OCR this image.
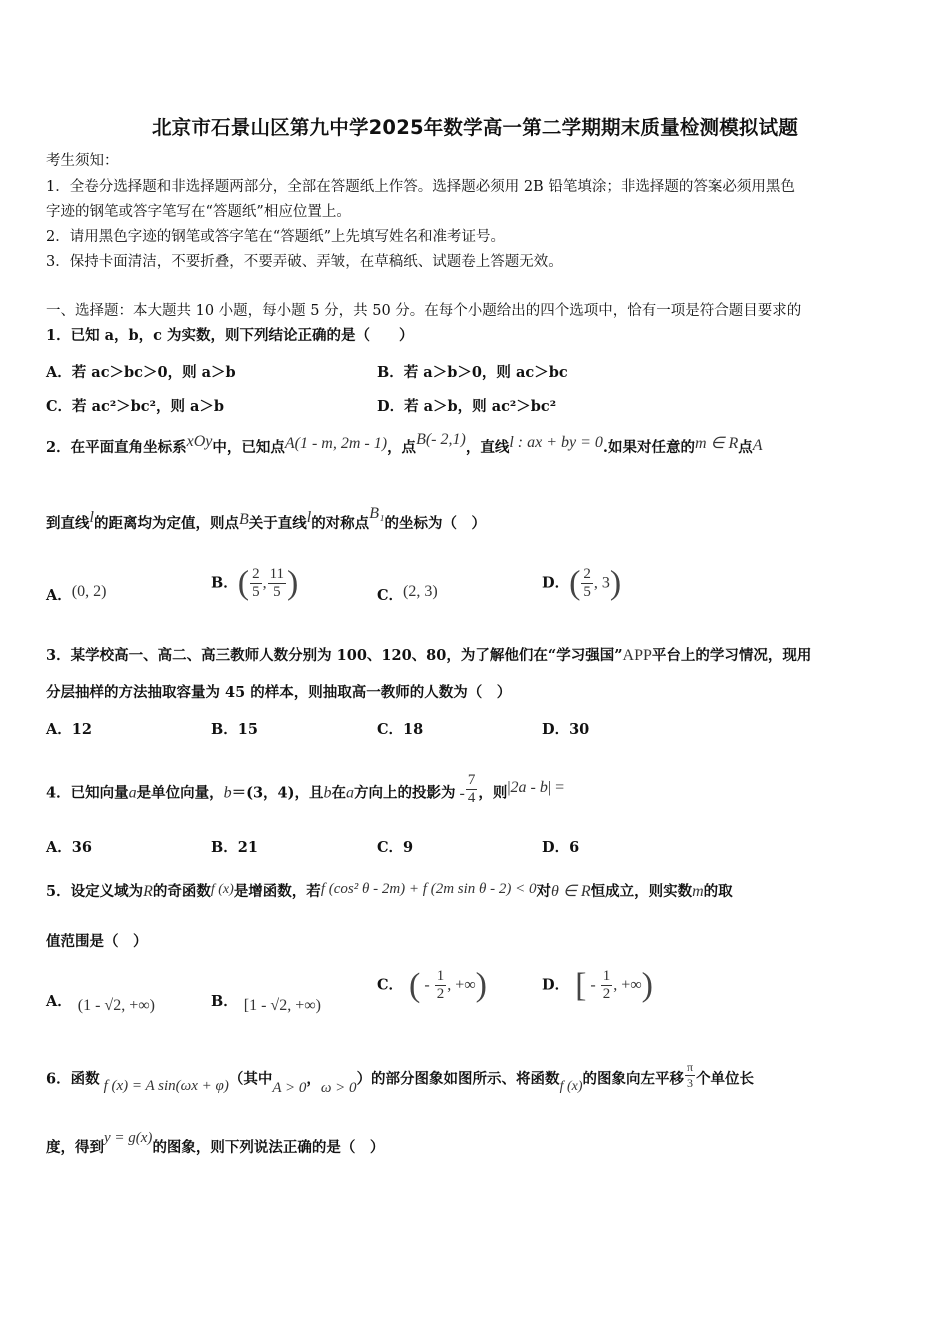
北京市石景山区第九中学2025年数学高一第二学期期末质量检测模拟试题
考生须知：
1．全卷分选择题和非选择题两部分，全部在答题纸上作答。选择题必须用 2B 铅笔填涂；非选择题的答案必须用黑色
字迹的钢笔或答字笔写在“答题纸”相应位置上。
2．请用黑色字迹的钢笔或答字笔在“答题纸”上先填写姓名和准考证号。
3．保持卡面清洁，不要折叠，不要弄破、弄皱，在草稿纸、试题卷上答题无效。
一、选择题：本大题共 10 小题，每小题 5 分，共 50 分。在每个小题给出的四个选项中，恰有一项是符合题目要求的
1．已知 a，b，c 为实数，则下列结论正确的是（　　）
A．若 ac＞bc＞0，则 a＞b	B．若 a＞b＞0，则 ac＞bc
C．若 ac²＞bc²，则 a＞b	D．若 a＞b，则 ac²＞bc²
2．在平面直角坐标系xOy中，已知点A(1 - m, 2m - 1)，点B(- 2,1)，直线l : ax + by = 0.如果对任意的m ∈ R点A
到直线l的距离均为定值，则点B关于直线l的对称点B₁的坐标为（　）
A．(0, 2)	B．( $\frac{2}{5}$ , $\frac{11}{5}$ )	C．(2, 3)	D．( $\frac{2}{5}$ , 3)
3．某学校高一、高二、高三教师人数分别为 100、120、80，为了解他们在“学习强国”APP平台上的学习情况，现用
分层抽样的方法抽取容量为 45 的样本，则抽取高一教师的人数为（　）
A．12	B．15	C．18	D．30
4．已知向量a是单位向量，b＝(3，4)，且b在a方向上的投影为 - $\frac{7}{4}$ ，则|2a - b| =
A．36	B．21	C．9	D．6
5．设定义域为R的奇函数f (x)是增函数，若f (cos² θ - 2m) + f (2m sin θ - 2) < 0对θ ∈ R恒成立，则实数m的取
值范围是（　）
A． (1 - √2, +∞)	B． [1 - √2, +∞)
C． ( - $\frac{1}{2}$ , +∞)	D． [ - $\frac{1}{2}$ , +∞)
6．函数 f (x) = A sin(ωx + φ)（其中A > 0，ω > 0）的部分图象如图所示、将函数f (x)的图象向左平移 $\frac{\pi}{3}$ 个单位长
度，得到y = g(x)的图象，则下列说法正确的是（　）
